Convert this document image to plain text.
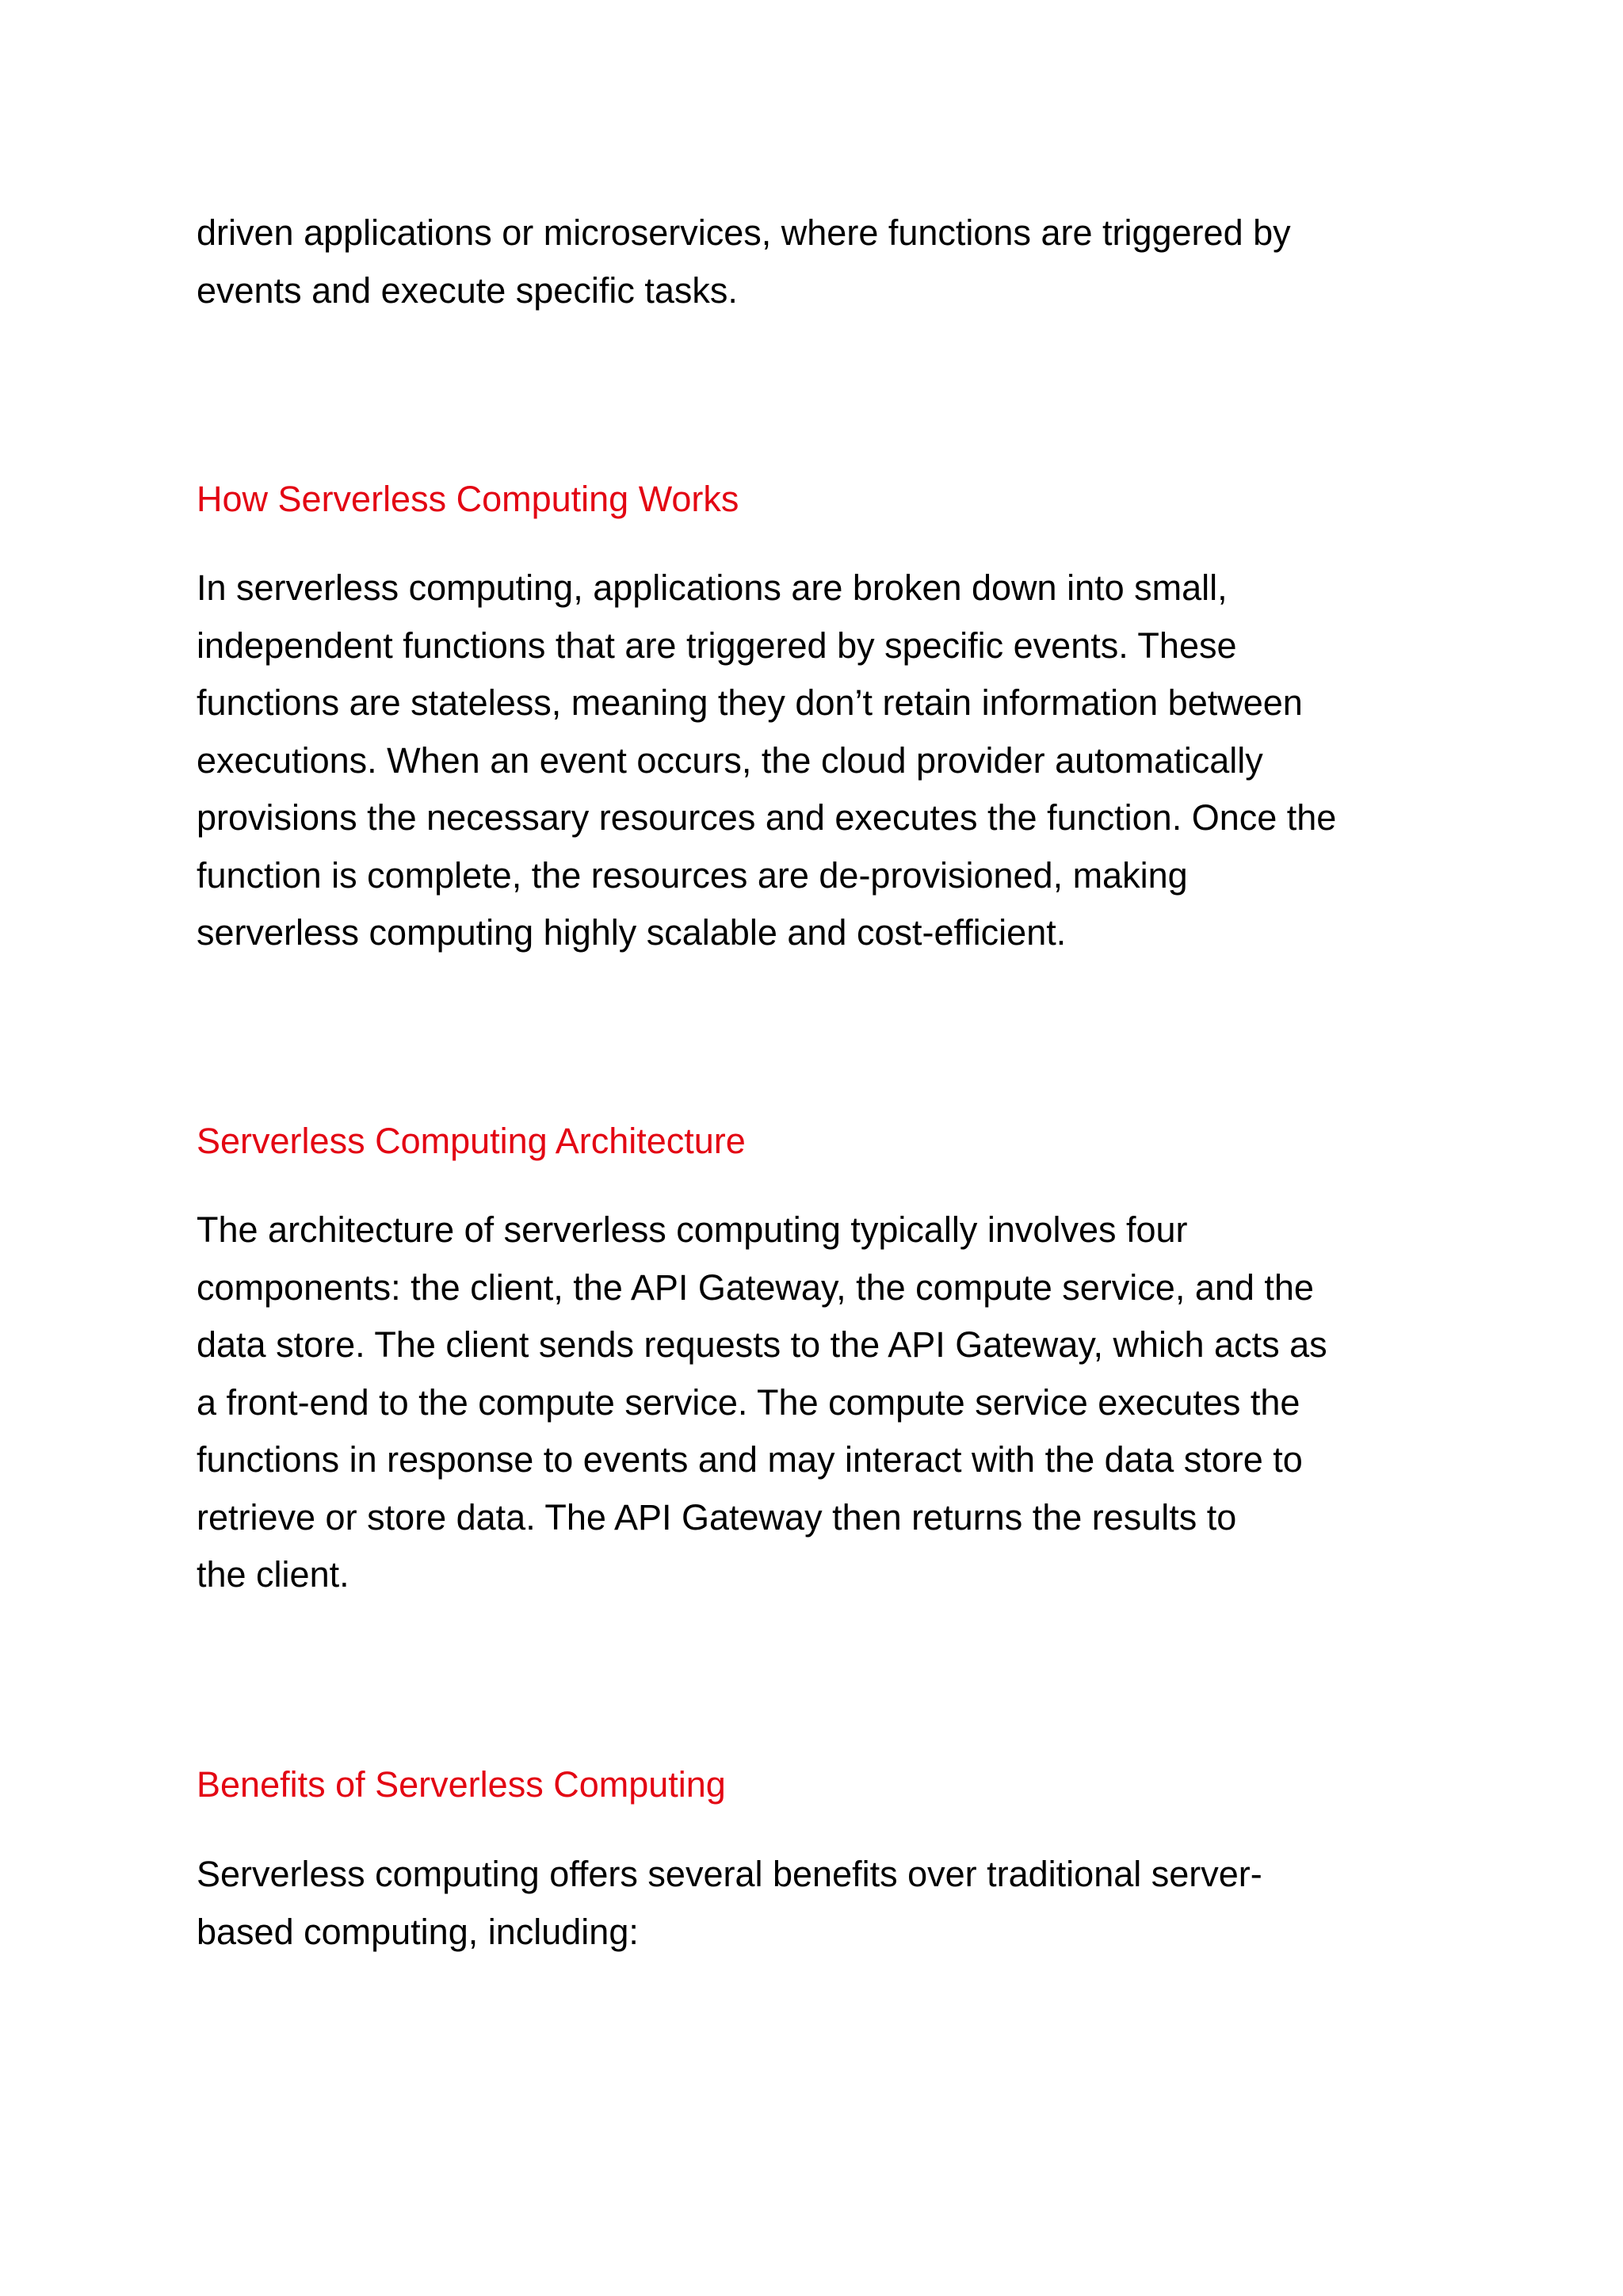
driven applications or microservices, where functions are triggered by
events and execute specific tasks.
How Serverless Computing Works
In serverless computing, applications are broken down into small,
independent functions that are triggered by specific events. These
functions are stateless, meaning they don’t retain information between
executions. When an event occurs, the cloud provider automatically
provisions the necessary resources and executes the function. Once the
function is complete, the resources are de-provisioned, making
serverless computing highly scalable and cost-efficient.
Serverless Computing Architecture
The architecture of serverless computing typically involves four
components: the client, the API Gateway, the compute service, and the
data store. The client sends requests to the API Gateway, which acts as
a front-end to the compute service. The compute service executes the
functions in response to events and may interact with the data store to
retrieve or store data. The API Gateway then returns the results to
the client.
Benefits of Serverless Computing
Serverless computing offers several benefits over traditional server-
based computing, including:
